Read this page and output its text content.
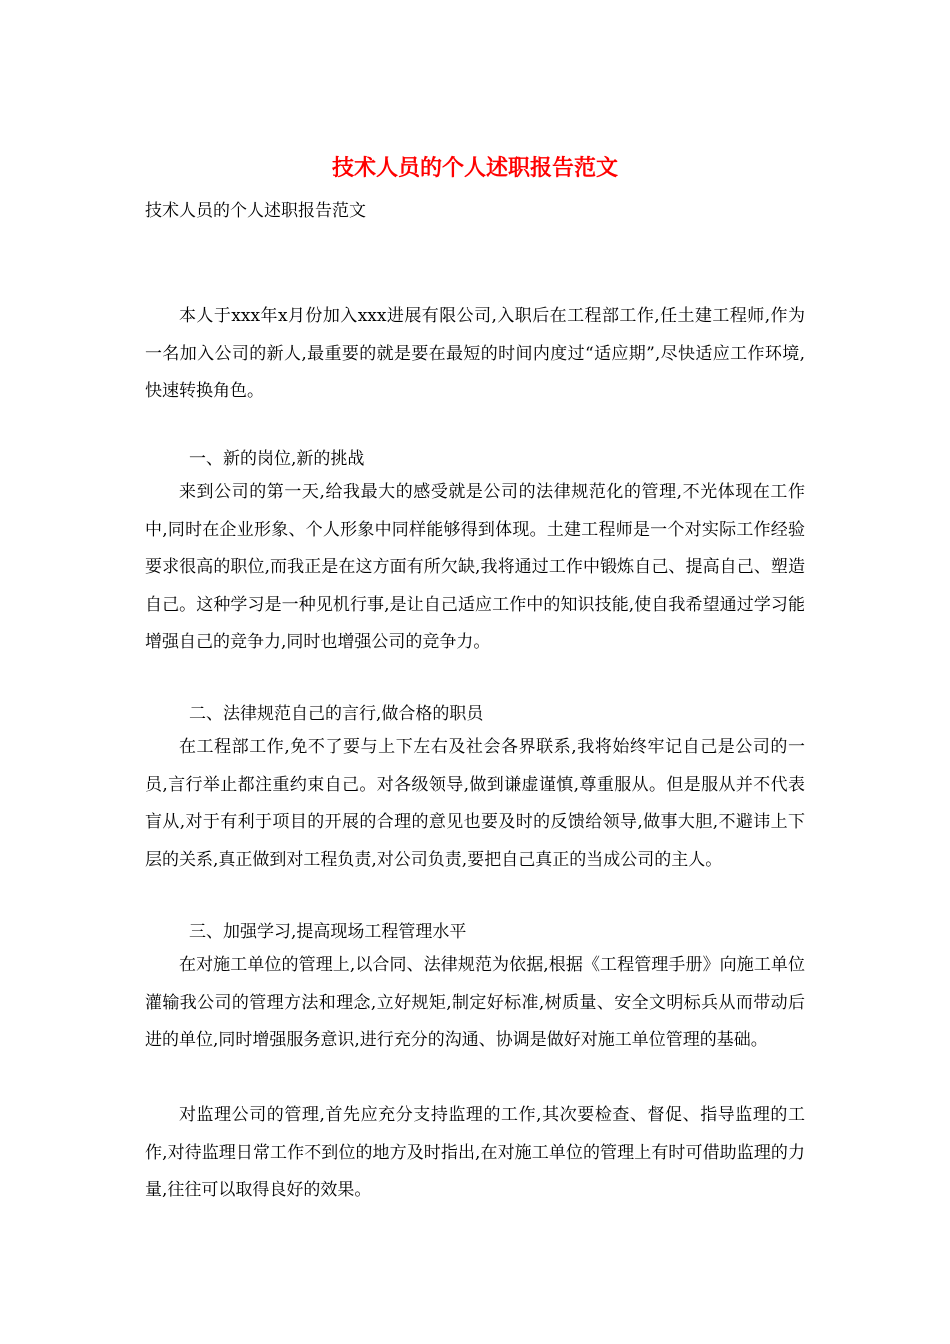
技术人员的个人述职报告范文

技术人员的个人述职报告范文

本人于xxx年x月份加入xxx进展有限公司,入职后在工程部工作,任土建工程师,作为一名加入公司的新人,最重要的就是要在最短的时间内度过“适应期”,尽快适应工作环境,快速转换角色。

一、新的岗位,新的挑战

来到公司的第一天,给我最大的感受就是公司的法律规范化的管理,不光体现在工作中,同时在企业形象、个人形象中同样能够得到体现。土建工程师是一个对实际工作经验要求很高的职位,而我正是在这方面有所欠缺,我将通过工作中锻炼自己、提高自己、塑造自己。这种学习是一种见机行事,是让自己适应工作中的知识技能,使自我希望通过学习能增强自己的竞争力,同时也增强公司的竞争力。

二、法律规范自己的言行,做合格的职员

在工程部工作,免不了要与上下左右及社会各界联系,我将始终牢记自己是公司的一员,言行举止都注重约束自己。对各级领导,做到谦虚谨慎,尊重服从。但是服从并不代表盲从,对于有利于项目的开展的合理的意见也要及时的反馈给领导,做事大胆,不避讳上下层的关系,真正做到对工程负责,对公司负责,要把自己真正的当成公司的主人。

三、加强学习,提高现场工程管理水平

在对施工单位的管理上,以合同、法律规范为依据,根据《工程管理手册》向施工单位灌输我公司的管理方法和理念,立好规矩,制定好标准,树质量、安全文明标兵从而带动后进的单位,同时增强服务意识,进行充分的沟通、协调是做好对施工单位管理的基础。

对监理公司的管理,首先应充分支持监理的工作,其次要检查、督促、指导监理的工作,对待监理日常工作不到位的地方及时指出,在对施工单位的管理上有时可借助监理的力量,往往可以取得良好的效果。
